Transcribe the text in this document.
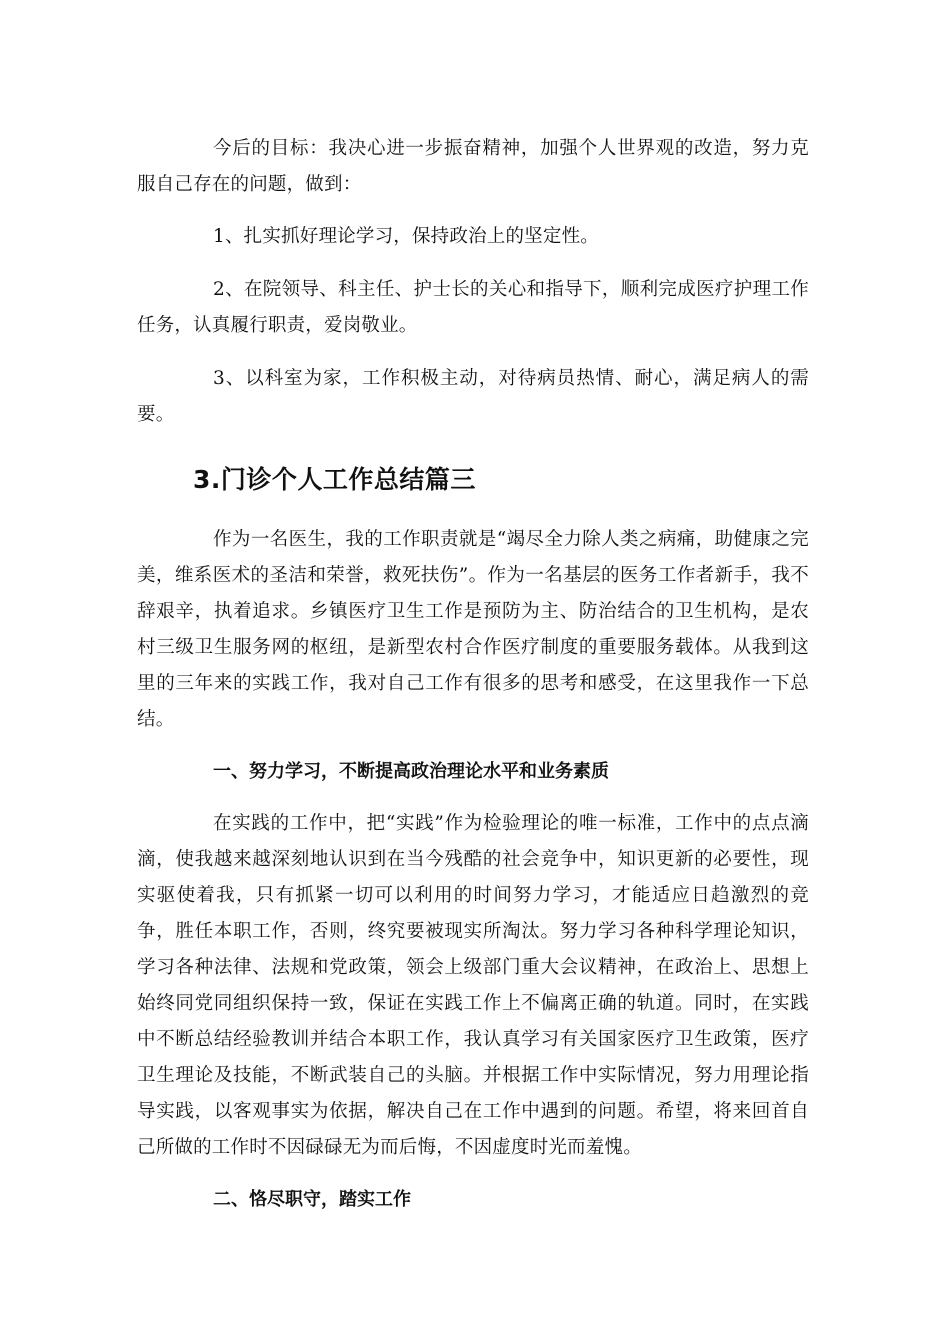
今后的目标：我决心进一步振奋精神，加强个人世界观的改造，努力克服自己存在的问题，做到：

1、扎实抓好理论学习，保持政治上的坚定性。

2、在院领导、科主任、护士长的关心和指导下，顺利完成医疗护理工作任务，认真履行职责，爱岗敬业。

3、以科室为家，工作积极主动，对待病员热情、耐心，满足病人的需要。

3.门诊个人工作总结篇三

作为一名医生，我的工作职责就是“竭尽全力除人类之病痛，助健康之完美，维系医术的圣洁和荣誉，救死扶伤”。作为一名基层的医务工作者新手，我不辞艰辛，执着追求。乡镇医疗卫生工作是预防为主、防治结合的卫生机构，是农村三级卫生服务网的枢纽，是新型农村合作医疗制度的重要服务载体。从我到这里的三年来的实践工作，我对自己工作有很多的思考和感受，在这里我作一下总结。

一、努力学习，不断提高政治理论水平和业务素质

在实践的工作中，把“实践”作为检验理论的唯一标准，工作中的点点滴滴，使我越来越深刻地认识到在当今残酷的社会竞争中，知识更新的必要性，现实驱使着我，只有抓紧一切可以利用的时间努力学习，才能适应日趋激烈的竞争，胜任本职工作，否则，终究要被现实所淘汰。努力学习各种科学理论知识，学习各种法律、法规和党政策，领会上级部门重大会议精神，在政治上、思想上始终同党同组织保持一致，保证在实践工作上不偏离正确的轨道。同时，在实践中不断总结经验教训并结合本职工作，我认真学习有关国家医疗卫生政策，医疗卫生理论及技能，不断武装自己的头脑。并根据工作中实际情况，努力用理论指导实践，以客观事实为依据，解决自己在工作中遇到的问题。希望，将来回首自己所做的工作时不因碌碌无为而后悔，不因虚度时光而羞愧。

二、恪尽职守，踏实工作
